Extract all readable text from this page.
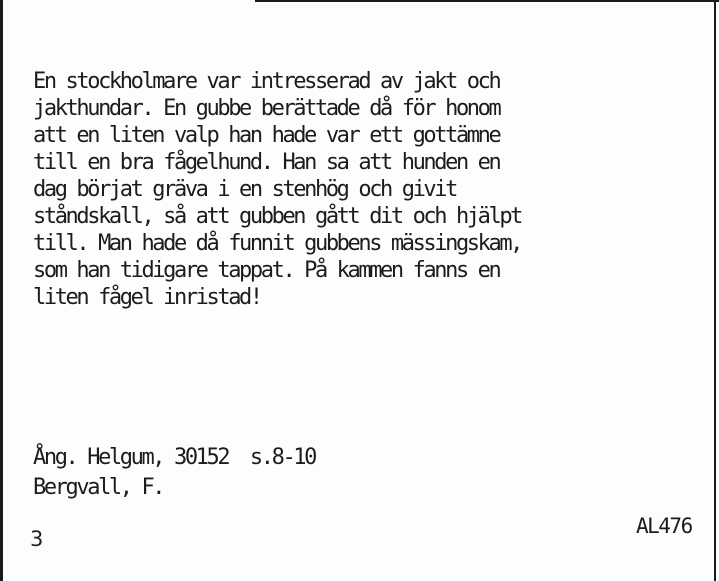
En stockholmare var intresserad av jakt och
jakthundar. En gubbe berättade då för honom
att en liten valp han hade var ett gottämne
till en bra fågelhund. Han sa att hunden en
dag börjat gräva i en stenhög och givit
ståndskall, så att gubben gått dit och hjälpt
till. Man hade då funnit gubbens mässingskam,
som han tidigare tappat. På kammen fanns en
liten fågel inristad!
Ång. Helgum, 30152  s.8-10
Bergvall, F.
3
AL476
